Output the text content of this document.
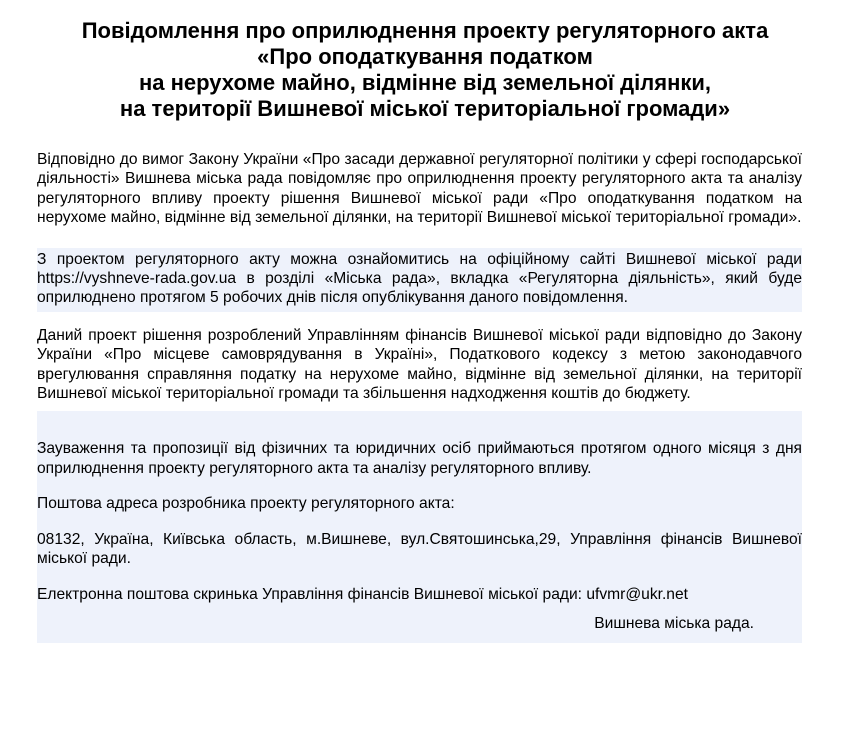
Повідомлення про оприлюднення проекту регуляторного акта
«Про оподаткування податком
на нерухоме майно, відмінне від земельної ділянки,
на території Вишневої міської територіальної громади»

Відповідно до вимог Закону України «Про засади державної регуляторної політики у сфері господарської діяльності» Вишнева міська рада повідомляє про оприлюднення проекту регуляторного акта та аналізу регуляторного впливу проекту рішення Вишневої міської ради «Про оподаткування податком на нерухоме майно, відмінне від земельної ділянки, на території Вишневої міської територіальної громади».

З проектом регуляторного акту можна ознайомитись на офіційному сайті Вишневої міської ради https://vyshneve-rada.gov.ua в розділі «Міська рада», вкладка «Регуляторна діяльність», який буде оприлюднено протягом 5 робочих днів після опублікування даного повідомлення.

Даний проект рішення розроблений Управлінням фінансів Вишневої міської ради відповідно до Закону України «Про місцеве самоврядування в Україні», Податкового кодексу з метою законодавчого врегулювання справляння податку на нерухоме майно, відмінне від земельної ділянки, на території Вишневої міської територіальної громади та збільшення надходження коштів до бюджету.

Зауваження та пропозиції від фізичних та юридичних осіб приймаються протягом одного місяця з дня оприлюднення проекту регуляторного акта та аналізу регуляторного впливу.

Поштова адреса розробника проекту регуляторного акта:

08132, Україна, Київська область, м.Вишневе, вул.Святошинська,29, Управління фінансів Вишневої міської ради.

Електронна поштова скринька Управління фінансів Вишневої міської ради: ufvmr@ukr.net

Вишнева міська рада.
